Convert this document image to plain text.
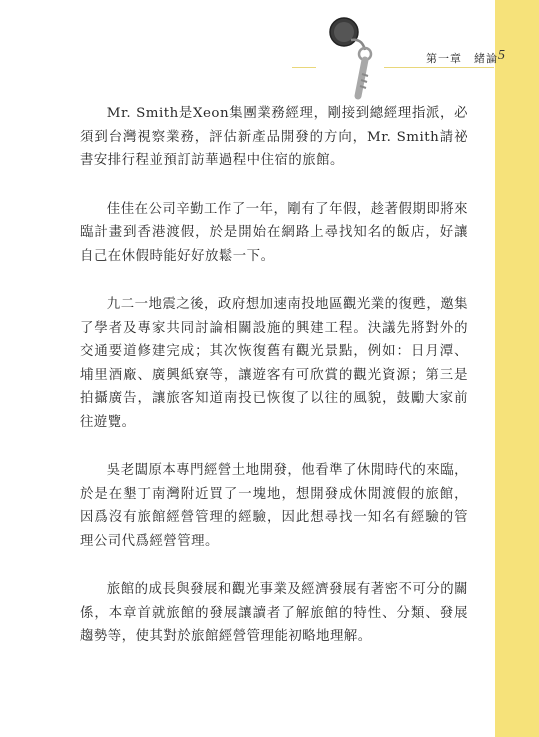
第一章　緒論 5

Mr. Smith是Xeon集團業務經理，剛接到總經理指派，必須到台灣視察業務，評估新產品開發的方向，Mr. Smith請祕書安排行程並預訂訪華過程中住宿的旅館。

佳佳在公司辛勤工作了一年，剛有了年假，趁著假期即將來臨計畫到香港渡假，於是開始在網路上尋找知名的飯店，好讓自己在休假時能好好放鬆一下。

九二一地震之後，政府想加速南投地區觀光業的復甦，邀集了學者及專家共同討論相關設施的興建工程。決議先將對外的交通要道修建完成；其次恢復舊有觀光景點，例如：日月潭、埔里酒廠、廣興紙寮等，讓遊客有可欣賞的觀光資源；第三是拍攝廣告，讓旅客知道南投已恢復了以往的風貌，鼓勵大家前往遊覽。

吳老闆原本專門經營土地開發，他看準了休閒時代的來臨，於是在墾丁南灣附近買了一塊地，想開發成休閒渡假的旅館，因爲沒有旅館經營管理的經驗，因此想尋找一知名有經驗的管理公司代爲經營管理。

旅館的成長與發展和觀光事業及經濟發展有著密不可分的關係，本章首就旅館的發展讓讀者了解旅館的特性、分類、發展趨勢等，使其對於旅館經營管理能初略地理解。
